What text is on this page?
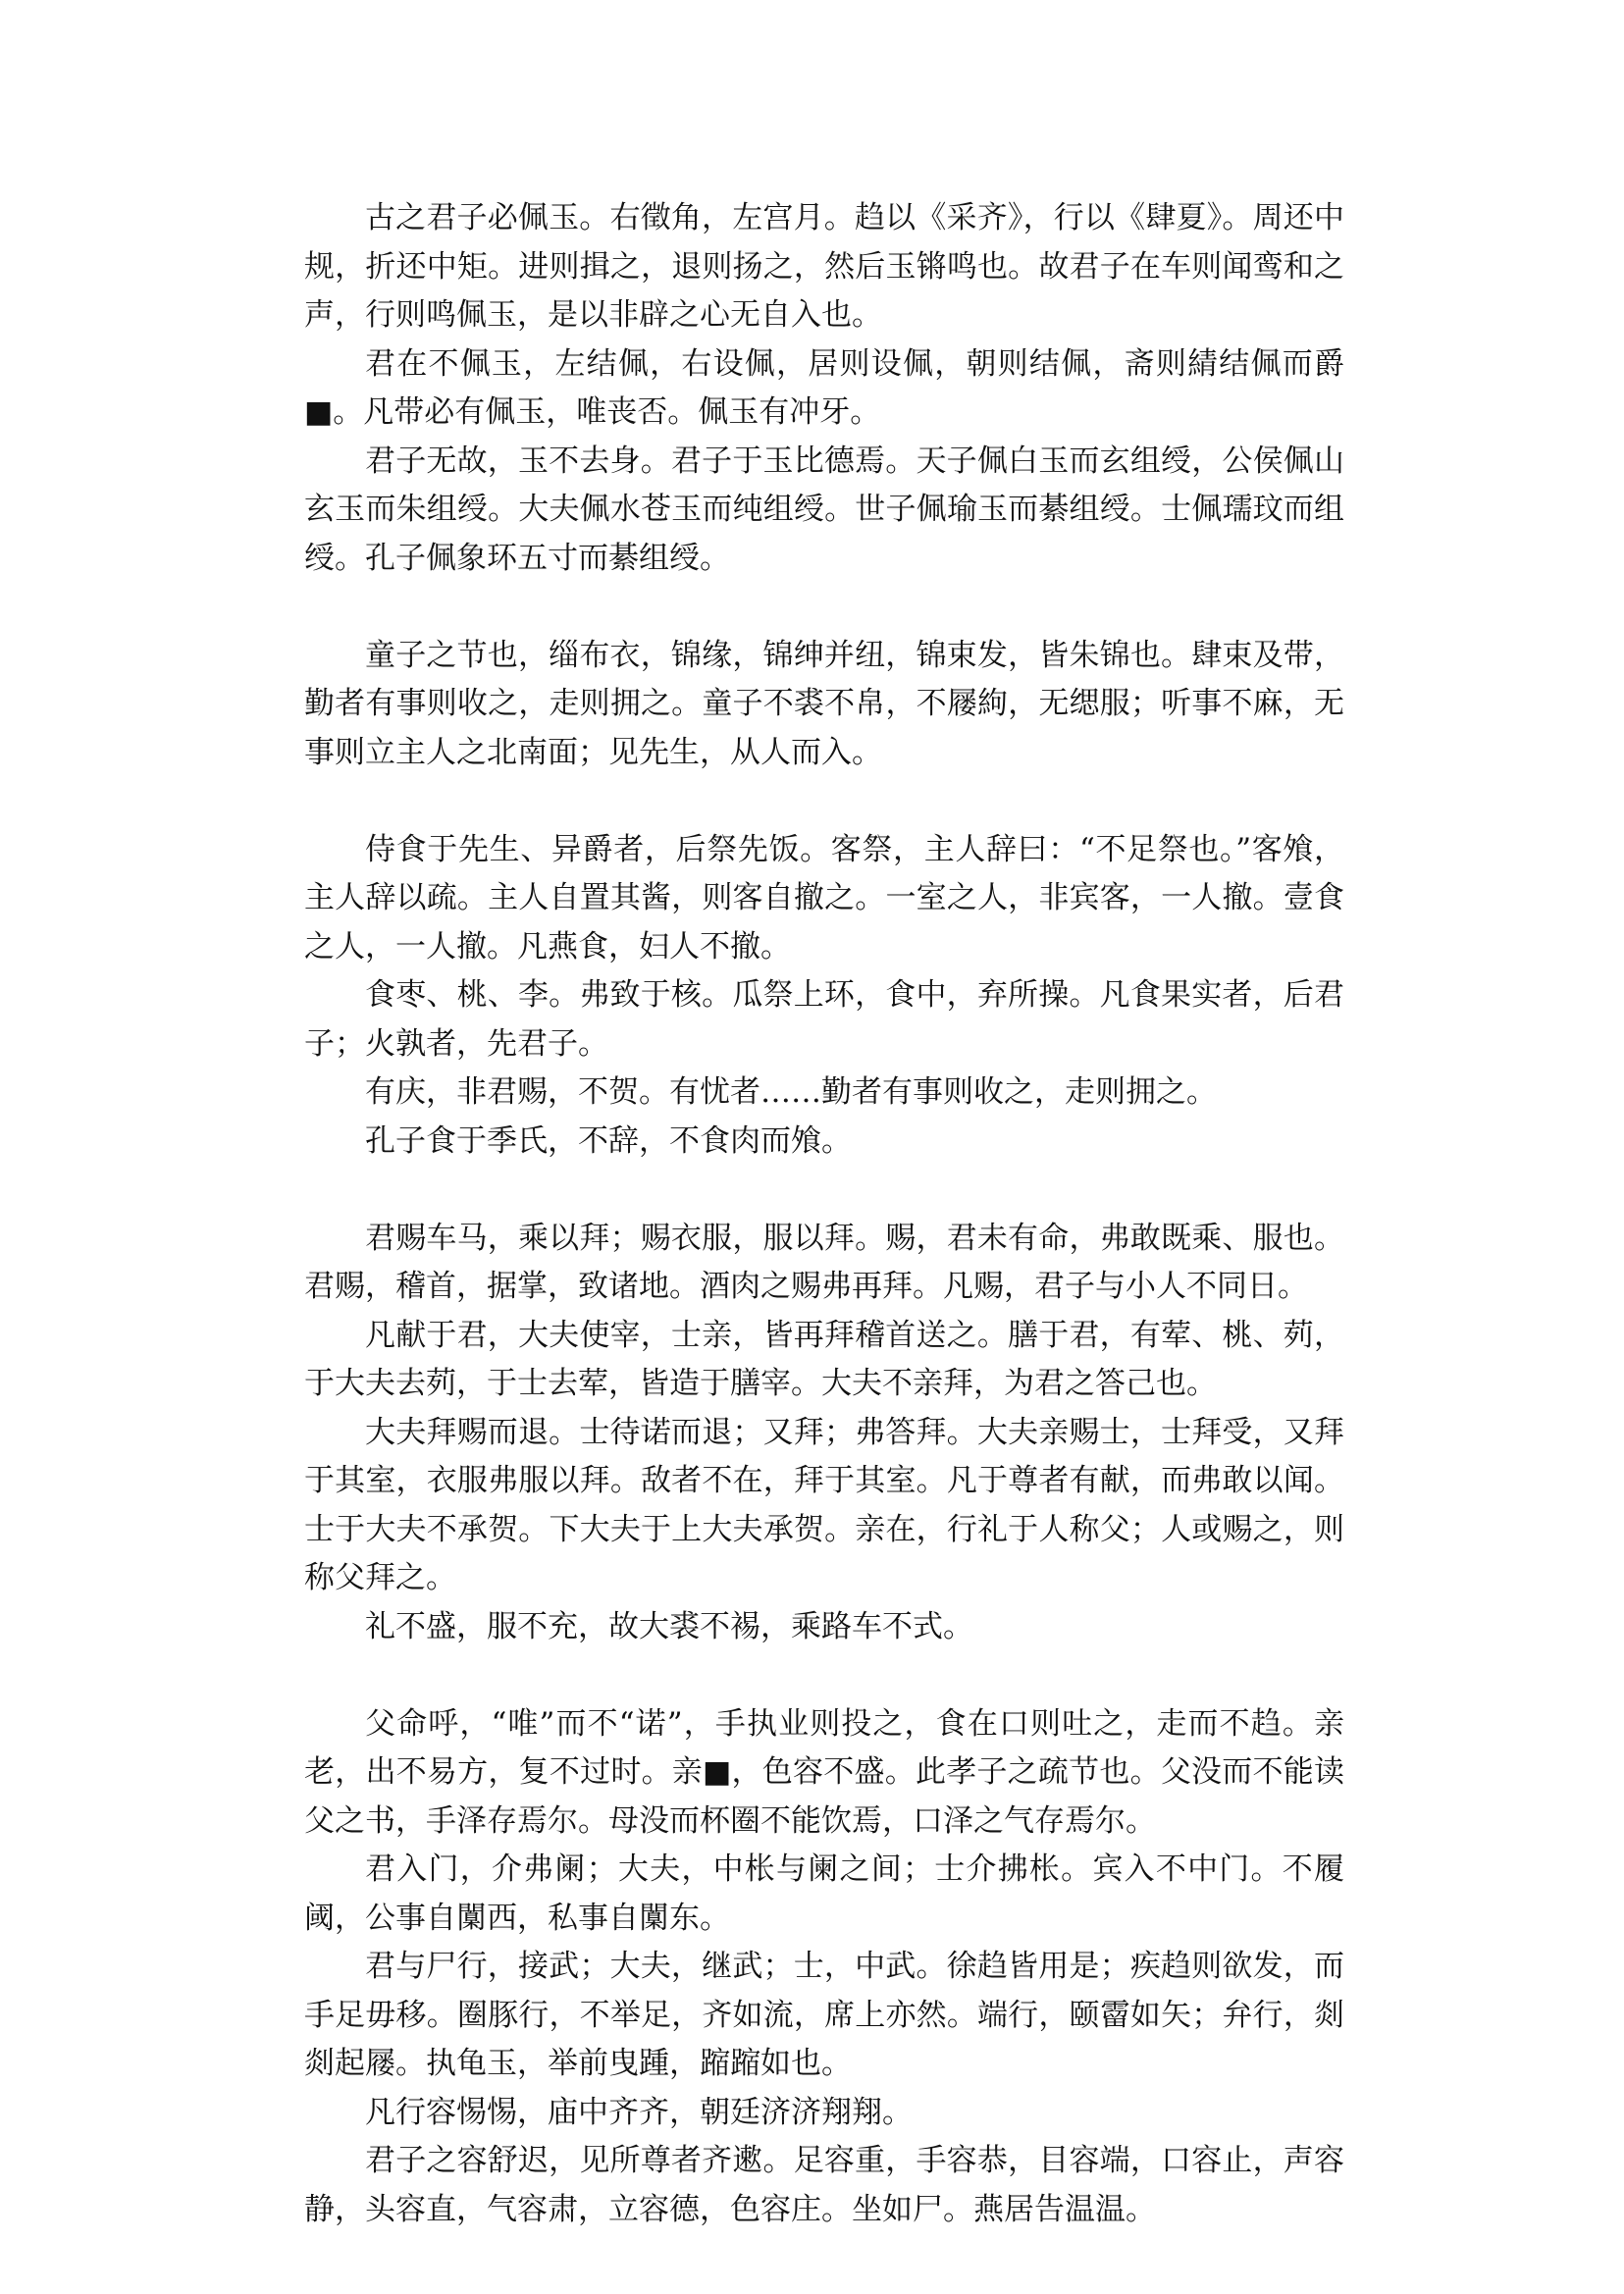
古之君子必佩玉。右徵角，左宫月。趋以《采齐》，行以《肆夏》。周还中规，折还中矩。进则揖之，退则扬之，然后玉锵鸣也。故君子在车则闻鸾和之声，行则鸣佩玉，是以非辟之心无自入也。

君在不佩玉，左结佩，右设佩，居则设佩，朝则结佩，斋则綪结佩而爵■。凡带必有佩玉，唯丧否。佩玉有冲牙。

君子无故，玉不去身。君子于玉比德焉。天子佩白玉而玄组绶，公侯佩山玄玉而朱组绶。大夫佩水苍玉而纯组绶。世子佩瑜玉而綦组绶。士佩瓀玟而组绶。孔子佩象环五寸而綦组绶。

童子之节也，缁布衣，锦缘，锦绅并纽，锦束发，皆朱锦也。肆束及带，勤者有事则收之，走则拥之。童子不裘不帛，不屦絇，无缌服；听事不麻，无事则立主人之北南面；见先生，从人而入。

侍食于先生、异爵者，后祭先饭。客祭，主人辞曰：“不足祭也。”客飧，主人辞以疏。主人自置其酱，则客自撤之。一室之人，非宾客，一人撤。壹食之人，一人撤。凡燕食，妇人不撤。

食枣、桃、李。弗致于核。瓜祭上环，食中，弃所操。凡食果实者，后君子；火孰者，先君子。

有庆，非君赐，不贺。有忧者……勤者有事则收之，走则拥之。

孔子食于季氏，不辞，不食肉而飧。

君赐车马，乘以拜；赐衣服，服以拜。赐，君未有命，弗敢既乘、服也。君赐，稽首，据掌，致诸地。酒肉之赐弗再拜。凡赐，君子与小人不同日。

凡献于君，大夫使宰，士亲，皆再拜稽首送之。膳于君，有荤、桃、茢，于大夫去茢，于士去荤，皆造于膳宰。大夫不亲拜，为君之答己也。

大夫拜赐而退。士待诺而退；又拜；弗答拜。大夫亲赐士，士拜受，又拜于其室，衣服弗服以拜。敌者不在，拜于其室。凡于尊者有献，而弗敢以闻。士于大夫不承贺。下大夫于上大夫承贺。亲在，行礼于人称父；人或赐之，则称父拜之。

礼不盛，服不充，故大裘不裼，乘路车不式。

父命呼，“唯”而不“诺”，手执业则投之，食在口则吐之，走而不趋。亲老，出不易方，复不过时。亲■，色容不盛。此孝子之疏节也。父没而不能读父之书，手泽存焉尔。母没而杯圈不能饮焉，口泽之气存焉尔。

君入门，介弗阑；大夫，中枨与阑之间；士介拂枨。宾入不中门。不履阈，公事自闑西，私事自闑东。

君与尸行，接武；大夫，继武；士，中武。徐趋皆用是；疾趋则欲发，而手足毋移。圈豚行，不举足，齐如流，席上亦然。端行，颐霤如矢；弁行，剡剡起屦。执龟玉，举前曳踵，蹜蹜如也。

凡行容惕惕，庙中齐齐，朝廷济济翔翔。

君子之容舒迟，见所尊者齐遬。足容重，手容恭，目容端，口容止，声容静，头容直，气容肃，立容德，色容庄。坐如尸。燕居告温温。
